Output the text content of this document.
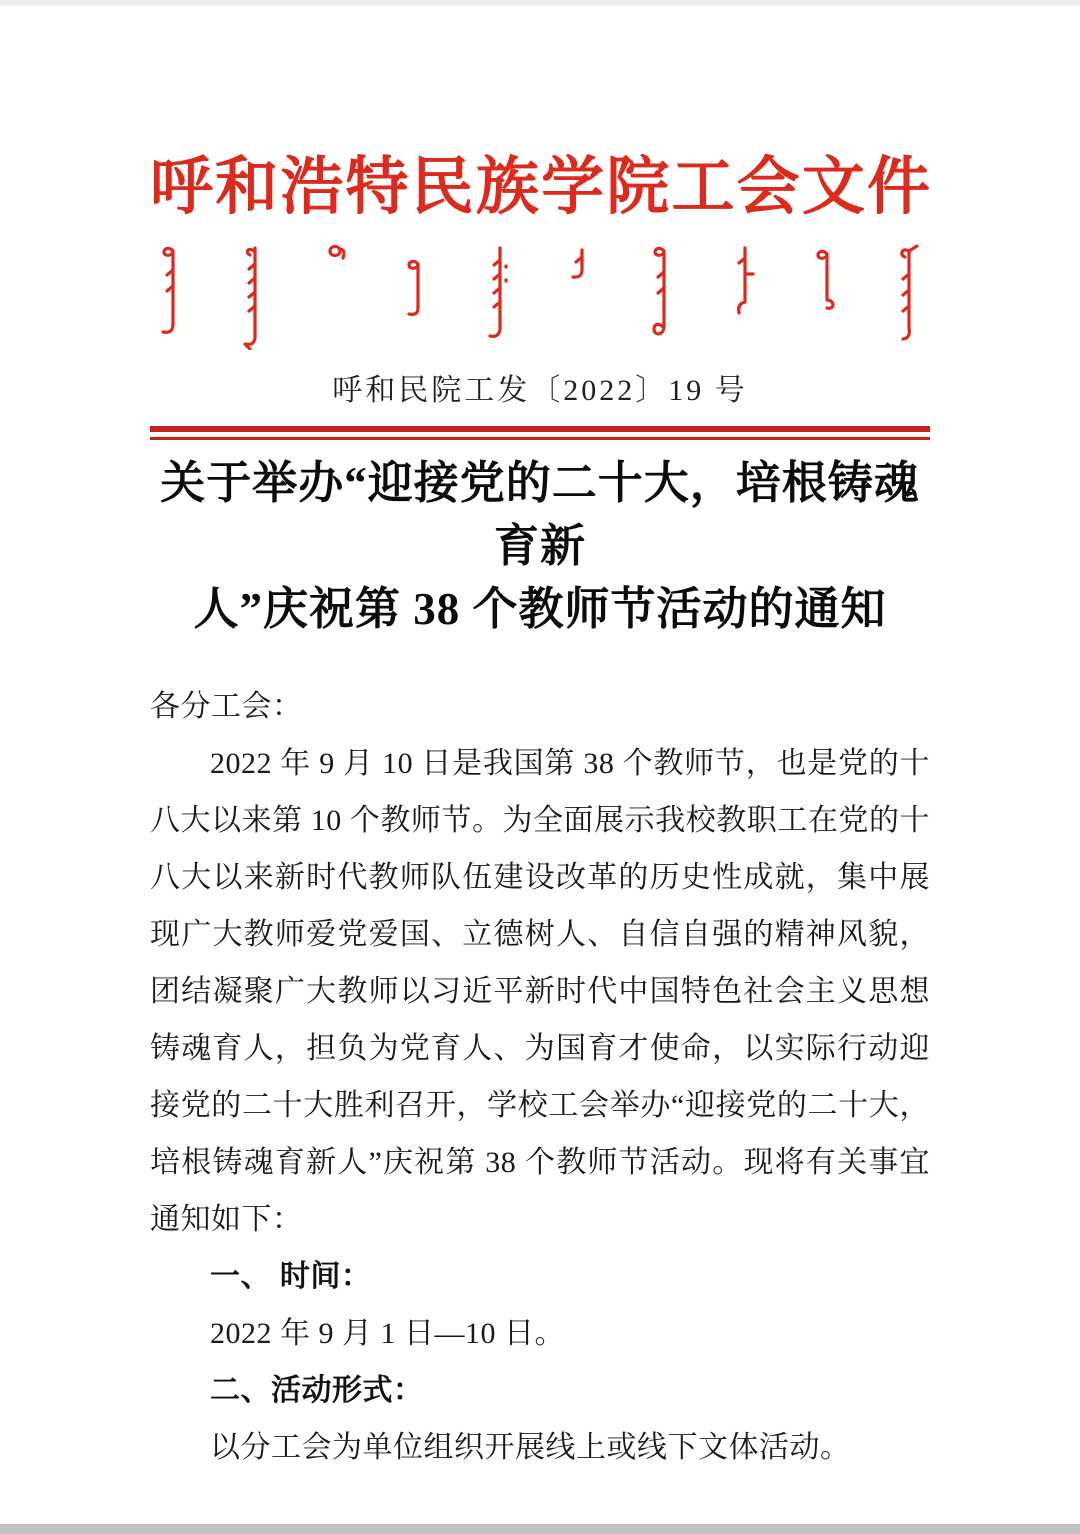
呼和浩特民族学院工会文件
呼和民院工发〔2022〕19 号
关于举办“迎接党的二十大，培根铸魂育新
人”庆祝第 38 个教师节活动的通知

各分工会：

2022 年 9 月 10 日是我国第 38 个教师节，也是党的十八大以来第 10 个教师节。为全面展示我校教职工在党的十八大以来新时代教师队伍建设改革的历史性成就，集中展现广大教师爱党爱国、立德树人、自信自强的精神风貌，团结凝聚广大教师以习近平新时代中国特色社会主义思想铸魂育人，担负为党育人、为国育才使命，以实际行动迎接党的二十大胜利召开，学校工会举办“迎接党的二十大，培根铸魂育新人”庆祝第 38 个教师节活动。现将有关事宜通知如下：

一、 时间：

2022 年 9 月 1 日—10 日。

二、活动形式：

以分工会为单位组织开展线上或线下文体活动。
